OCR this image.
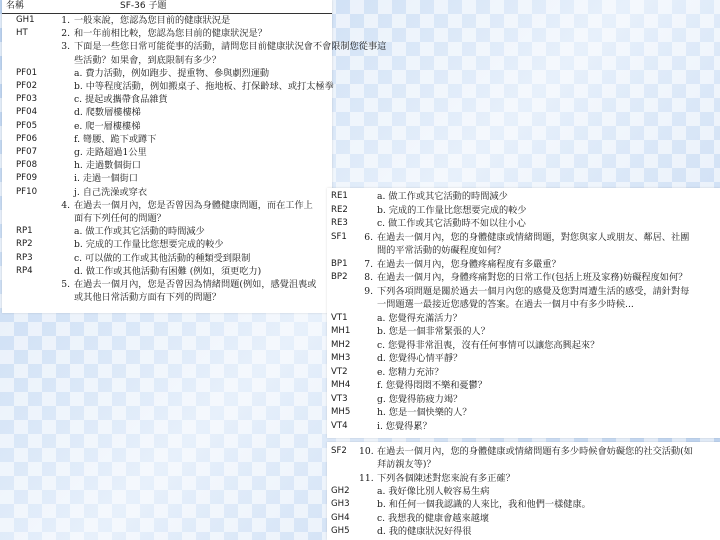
名稱	SF-36 子題
GH1	1. 一般來說，您認為您目前的健康狀況是
HT	2. 和一年前相比較，您認為您目前的健康狀況是？
3. 下面是一些您日常可能從事的活動，請問您目前健康狀況會不會限制您從事這
些活動？如果會，到底限制有多少？
PF01	a. 費力活動，例如跑步、提重物、參與劇烈運動
PF02	b. 中等程度活動，例如搬桌子、拖地板、打保齡球、或打太極拳
PF03	c. 提起或攜帶食品雜貨
PF04	d. 爬數層樓樓梯
PF05	e. 爬一層樓樓梯
PF06	f. 彎腰、跪下或蹲下
PF07	g. 走路超過1公里
PF08	h. 走過數個街口
PF09	i. 走過一個街口
PF10	j. 自己洗澡或穿衣
4. 在過去一個月內，您是否曾因為身體健康問題，而在工作上
面有下列任何的問題？
RP1	a. 做工作或其它活動的時間減少
RP2	b. 完成的工作量比您想要完成的較少
RP3	c. 可以做的工作或其他活動的種類受到限制
RP4	d. 做工作或其他活動有困難 (例如，須更吃力)
5. 在過去一個月內，您是否曾因為情緒問題(例如，感覺沮喪或
或其他日常活動方面有下列的問題？
RE1	a. 做工作或其它活動的時間減少
RE2	b. 完成的工作量比您想要完成的較少
RE3	c. 做工作或其它活動時不如以往小心
SF1	6. 在過去一個月內，您的身體健康或情緒問題，對您與家人或朋友、鄰居、社團
間的平常活動的妨礙程度如何？
BP1	7. 在過去一個月內，您身體疼痛程度有多嚴重？
BP2	8. 在過去一個月內，身體疼痛對您的日常工作(包括上班及家務)妨礙程度如何？
9. 下列各項問題是關於過去一個月內您的感覺及您對周遭生活的感受，請針對每
一問題選一最接近您感覺的答案。在過去一個月中有多少時候...
VT1	a. 您覺得充滿活力？
MH1	b. 您是一個非常緊張的人？
MH2	c. 您覺得非常沮喪，沒有任何事情可以讓您高興起來？
MH3	d. 您覺得心情平靜？
VT2	e. 您精力充沛？
MH4	f. 您覺得悶悶不樂和憂鬱？
VT3	g. 您覺得筋疲力竭？
MH5	h. 您是一個快樂的人？
VT4	i. 您覺得累？
SF2	10. 在過去一個月內，您的身體健康或情緒問題有多少時候會妨礙您的社交活動(如
拜訪親友等)？
11. 下列各個陳述對您來說有多正確？
GH2	a. 我好像比別人較容易生病
GH3	b. 和任何一個我認識的人來比，我和他們一樣健康。
GH4	c. 我想我的健康會越來越壞
GH5	d. 我的健康狀況好得很
